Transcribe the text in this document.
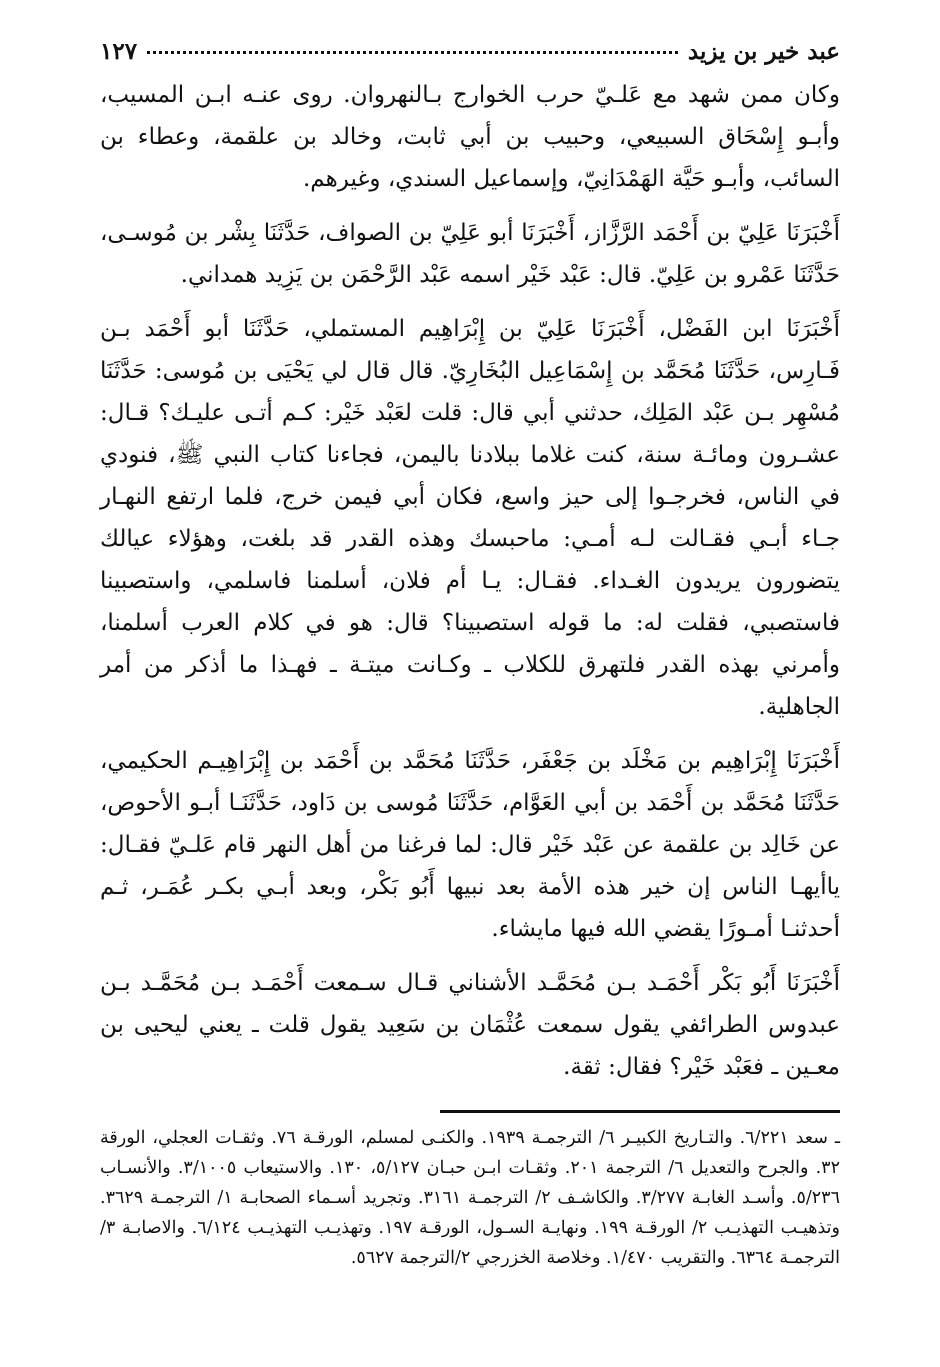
عبد خير بن يزيد
١٢٧

وكان ممن شهد مع عَلـيّ حرب الخوارج بـالنهروان. روى عنـه ابـن المسيب، وأبـو إِسْحَاق السبيعي، وحبيب بن أبي ثابت، وخالد بن علقمة، وعطاء بن السائب، وأبـو حَيَّة الهَمْدَانِيّ، وإسماعيل السندي، وغيرهم.

أَخْبَرَنَا عَلِيّ بن أَحْمَد الرَّزَّاز، أَخْبَرَنَا أبو عَلِيّ بن الصواف، حَدَّثَنَا بِشْر بن مُوسـى، حَدَّثَنَا عَمْرو بن عَلِيّ. قال: عَبْد خَيْر اسمه عَبْد الرَّحْمَن بن يَزِيد همداني.

أَخْبَرَنَا ابن الفَضْل، أَخْبَرَنَا عَلِيّ بن إِبْرَاهِيم المستملي، حَدَّثَنَا أبو أَحْمَد بـن فَـارِس، حَدَّثَنَا مُحَمَّد بن إِسْمَاعِيل البُخَارِيّ. قال قال لي يَحْيَى بن مُوسى: حَدَّثَنَا مُسْهِر بـن عَبْد المَلِك، حدثني أبي قال: قلت لعَبْد خَيْر: كـم أتـى عليـك؟ قـال: عشـرون ومائـة سنة، كنت غلاما ببلادنا باليمن، فجاءنا كتاب النبي ﷺ، فنودي في الناس، فخرجـوا إلى حيز واسع، فكان أبي فيمن خرج، فلما ارتفع النهـار جـاء أبـي فقـالت لـه أمـي: ماحبسك وهذه القدر قد بلغت، وهؤلاء عيالك يتضورون يريدون الغـداء. فقـال: يـا أم فلان، أسلمنا فاسلمي، واستصبينا فاستصبي، فقلت له: ما قوله استصبينا؟ قال: هو في كلام العرب أسلمنا، وأمرني بهذه القدر فلتهرق للكلاب ـ وكـانت ميتـة ـ فهـذا ما أذكر من أمر الجاهلية.

أَخْبَرَنَا إِبْرَاهِيم بن مَخْلَد بن جَعْفَر، حَدَّثَنَا مُحَمَّد بن أَحْمَد بن إِبْرَاهِيـم الحكيمي، حَدَّثَنَا مُحَمَّد بن أَحْمَد بن أبي العَوَّام، حَدَّثَنَا مُوسى بن دَاود، حَدَّثَنَـا أبـو الأحوص، عن خَالِد بن علقمة عن عَبْد خَيْر قال: لما فرغنا من أهل النهر قام عَلـيّ فقـال: ياأيهـا الناس إن خير هذه الأمة بعد نبيها أَبُو بَكْر، وبعد أبـي بكـر عُمَـر، ثـم أحدثنـا أمـورًا يقضي الله فيها مايشاء.

أَخْبَرَنَا أَبُو بَكْر أَحْمَـد بـن مُحَمَّـد الأشناني قـال سـمعت أَحْمَـد بـن مُحَمَّـد بـن عبدوس الطرائفي يقول سمعت عُثْمَان بن سَعِيد يقول قلت ـ يعني ليحيى بن معـين ـ فعَبْد خَيْر؟ فقال: ثقة.

ـ سعد ٦/٢٢١. والتـاريخ الكبيـر ٦/ الترجمـة ١٩٣٩. والكنـى لمسلم، الورقـة ٧٦. وثقـات العجلي، الورقة ٣٢. والجرح والتعديل ٦/ الترجمة ٢٠١. وثقـات ابـن حبـان ٥/١٢٧، ١٣٠. والاستيعاب ٣/١٠٠٥. والأنسـاب ٥/٢٣٦. وأسـد الغابـة ٣/٢٧٧. والكاشـف ٢/ الترجمـة ٣١٦١. وتجريد أسـماء الصحابـة ١/ الترجمـة ٣٦٢٩. وتذهيـب التهذيـب ٢/ الورقـة ١٩٩. ونهايـة السـول، الورقـة ١٩٧. وتهذيـب التهذيـب ٦/١٢٤. والاصابـة ٣/ الترجمـة ٦٣٦٤. والتقريب ١/٤٧٠. وخلاصة الخزرجي ٢/الترجمة ٥٦٢٧.
